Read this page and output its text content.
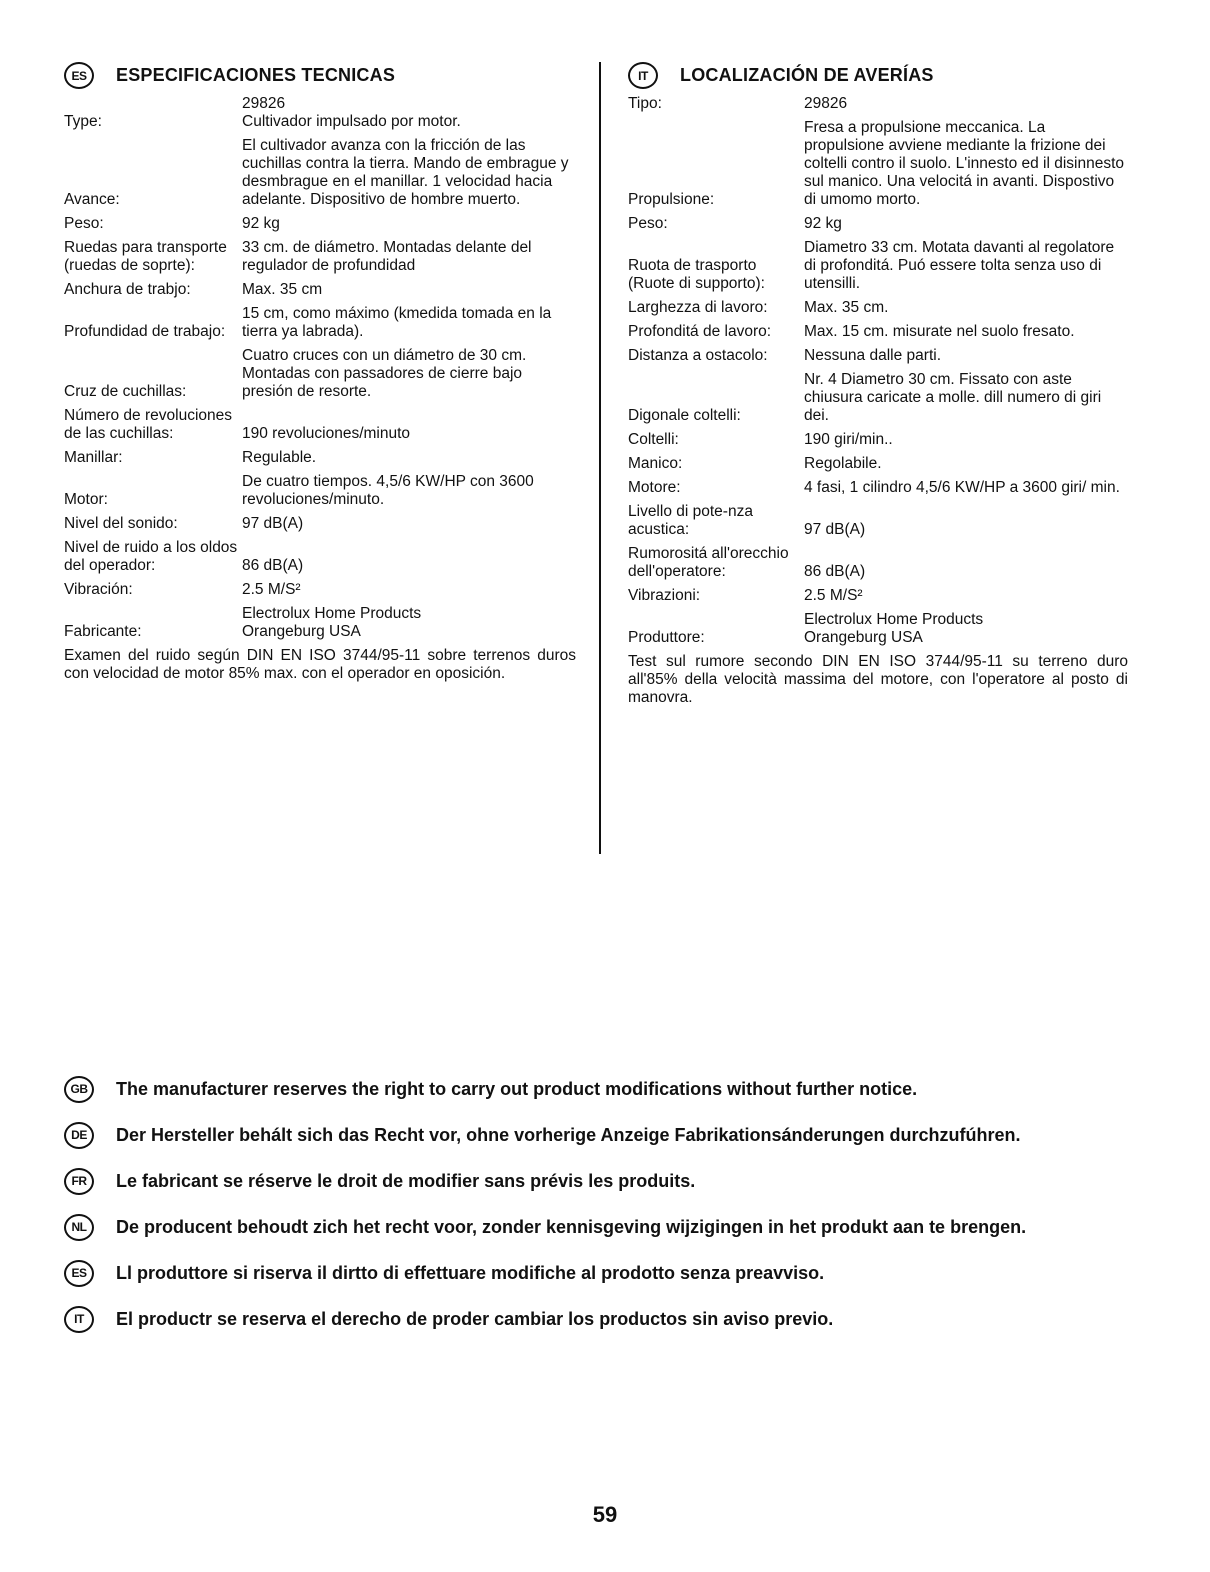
ES	ESPECIFICACIONES TECNICAS
Type:
29826
Cultivador impulsado por motor.
Avance:
El cultivador avanza con la fricción de las cuchillas contra la tierra. Mando de embrague y desmbrague en el manillar. 1 velocidad hacia adelante. Dispositivo de hombre muerto.
Peso:	92 kg
Ruedas para transporte (ruedas de soprte):
33 cm. de diámetro. Montadas delante del regulador de profundidad
Anchura de trabjo:	Max. 35 cm
Profundidad de trabajo:
15 cm, como máximo (kmedida tomada en la tierra ya labrada).
Cruz de cuchillas:
Cuatro cruces con un diámetro de 30 cm. Montadas con passadores de cierre bajo presión de resorte.
Número de revoluciones de las cuchillas:	190 revoluciones/minuto
Manillar:	Regulable.
Motor:
De cuatro tiempos. 4,5/6 KW/HP con 3600 revoluciones/minuto.
Nivel del sonido:	97 dB(A)
Nivel de ruido a los oldos del operador:	86 dB(A)
Vibración:	2.5 M/S²
Fabricante:
Electrolux Home Products
Orangeburg USA
Examen del ruido según DIN EN ISO 3744/95-11 sobre terrenos duros con velocidad de motor 85% max. con el operador en oposición.
IT	LOCALIZACIÓN DE AVERÍAS
Tipo:	29826
Propulsione:
Fresa a propulsione meccanica. La propulsione avviene mediante la frizione dei coltelli contro il suolo. L'innesto ed il disinnesto sul manico. Una velocitá in avanti. Dispostivo di umomo morto.
Peso:	92 kg
Ruota de trasporto (Ruote di supporto):
Diametro 33 cm. Motata davanti al regolatore di profonditá. Puó essere tolta senza uso di utensilli.
Larghezza di lavoro:	Max. 35 cm.
Profonditá de lavoro:	Max. 15 cm. misurate nel suolo fresato.
Distanza a ostacolo:	Nessuna dalle parti.
Digonale coltelli:
Nr. 4 Diametro 30 cm. Fissato con aste chiusura caricate a molle. dill numero di giri dei.
Coltelli:	190 giri/min..
Manico:	Regolabile.
Motore:	4 fasi, 1 cilindro 4,5/6 KW/HP a 3600 giri/ min.
Livello di pote-nza acustica:	97 dB(A)
Rumorositá all'orecchio dell'operatore:	86 dB(A)
Vibrazioni:	2.5 M/S²
Produttore:
Electrolux Home Products
Orangeburg USA
Test sul rumore secondo DIN EN ISO 3744/95-11 su terreno duro all'85% della velocità massima del motore, con l'operatore al posto di manovra.
GB	The manufacturer reserves the right to carry out product modifications without further notice.
DE	Der Hersteller behált sich das Recht vor, ohne vorherige Anzeige Fabrikationsánderungen durchzufúhren.
FR	Le fabricant se réserve le droit de modifier sans prévis les produits.
NL	De producent behoudt zich het recht voor, zonder kennisgeving wijzigingen in het produkt aan te brengen.
ES	Ll produttore si riserva il dirtto di effettuare modifiche al prodotto senza preavviso.
IT	El productr se reserva el derecho de proder cambiar los productos sin aviso previo.
59
